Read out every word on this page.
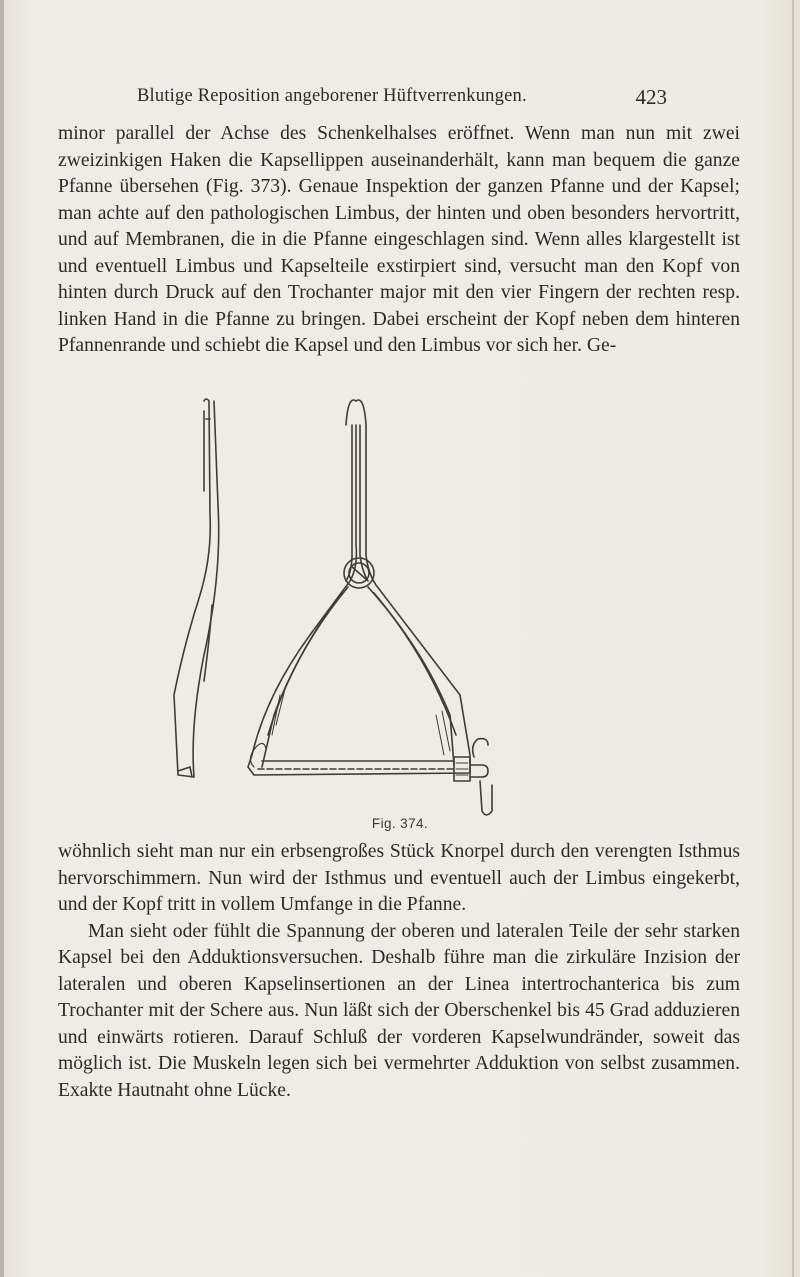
Blutige Reposition angeborener Hüftverrenkungen.	423

minor parallel der Achse des Schenkelhalses eröffnet. Wenn man nun mit zwei zweizinkigen Haken die Kapsellippen auseinanderhält, kann man bequem die ganze Pfanne übersehen (Fig. 373). Genaue Inspektion der ganzen Pfanne und der Kapsel; man achte auf den pathologischen Limbus, der hinten und oben besonders hervortritt, und auf Membranen, die in die Pfanne eingeschlagen sind. Wenn alles klargestellt ist und eventuell Limbus und Kapselteile exstirpiert sind, versucht man den Kopf von hinten durch Druck auf den Trochanter major mit den vier Fingern der rechten resp. linken Hand in die Pfanne zu bringen. Dabei erscheint der Kopf neben dem hinteren Pfannenrande und schiebt die Kapsel und den Limbus vor sich her. Ge-

Fig. 374.

wöhnlich sieht man nur ein erbsengroßes Stück Knorpel durch den verengten Isthmus hervorschimmern. Nun wird der Isthmus und eventuell auch der Limbus eingekerbt, und der Kopf tritt in vollem Umfange in die Pfanne.

Man sieht oder fühlt die Spannung der oberen und lateralen Teile der sehr starken Kapsel bei den Adduktionsversuchen. Deshalb führe man die zirkuläre Inzision der lateralen und oberen Kapselinsertionen an der Linea intertrochanterica bis zum Trochanter mit der Schere aus. Nun läßt sich der Oberschenkel bis 45 Grad adduzieren und einwärts rotieren. Darauf Schluß der vorderen Kapselwundränder, soweit das möglich ist. Die Muskeln legen sich bei vermehrter Adduktion von selbst zusammen. Exakte Hautnaht ohne Lücke.
